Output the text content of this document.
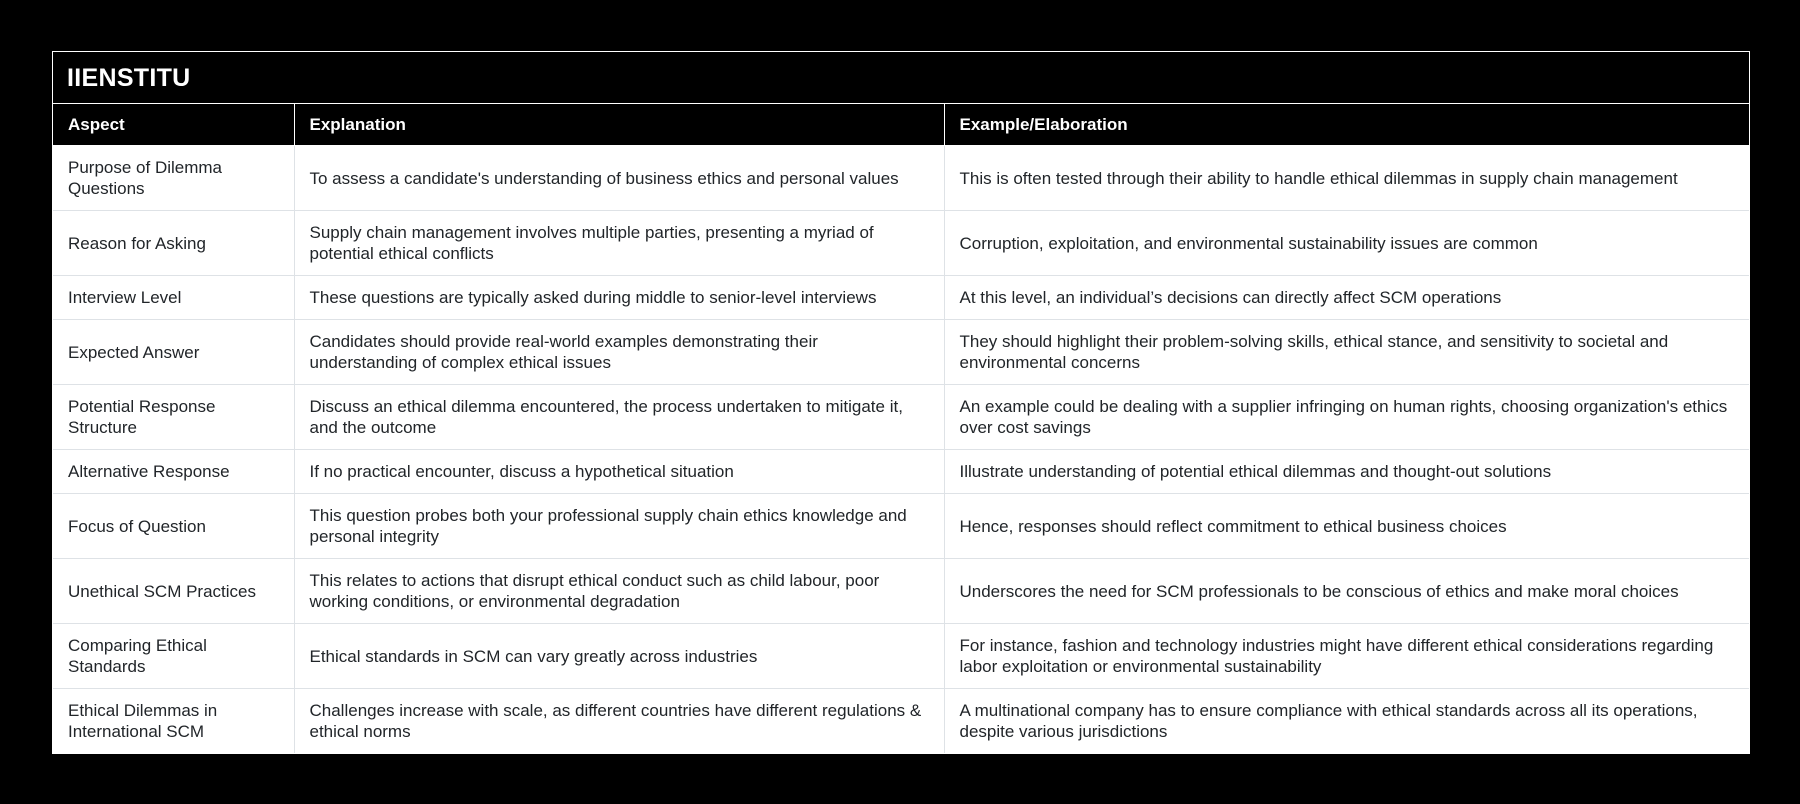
IIENSTITU
Aspect	Explanation	Example/Elaboration
Purpose of Dilemma Questions	To assess a candidate's understanding of business ethics and personal values	This is often tested through their ability to handle ethical dilemmas in supply chain management
Reason for Asking	Supply chain management involves multiple parties, presenting a myriad of potential ethical conflicts	Corruption, exploitation, and environmental sustainability issues are common
Interview Level	These questions are typically asked during middle to senior-level interviews	At this level, an individual’s decisions can directly affect SCM operations
Expected Answer	Candidates should provide real-world examples demonstrating their understanding of complex ethical issues	They should highlight their problem-solving skills, ethical stance, and sensitivity to societal and environmental concerns
Potential Response Structure	Discuss an ethical dilemma encountered, the process undertaken to mitigate it, and the outcome	An example could be dealing with a supplier infringing on human rights, choosing organization's ethics over cost savings
Alternative Response	If no practical encounter, discuss a hypothetical situation	Illustrate understanding of potential ethical dilemmas and thought-out solutions
Focus of Question	This question probes both your professional supply chain ethics knowledge and personal integrity	Hence, responses should reflect commitment to ethical business choices
Unethical SCM Practices	This relates to actions that disrupt ethical conduct such as child labour, poor working conditions, or environmental degradation	Underscores the need for SCM professionals to be conscious of ethics and make moral choices
Comparing Ethical Standards	Ethical standards in SCM can vary greatly across industries	For instance, fashion and technology industries might have different ethical considerations regarding labor exploitation or environmental sustainability
Ethical Dilemmas in International SCM	Challenges increase with scale, as different countries have different regulations & ethical norms	A multinational company has to ensure compliance with ethical standards across all its operations, despite various jurisdictions
